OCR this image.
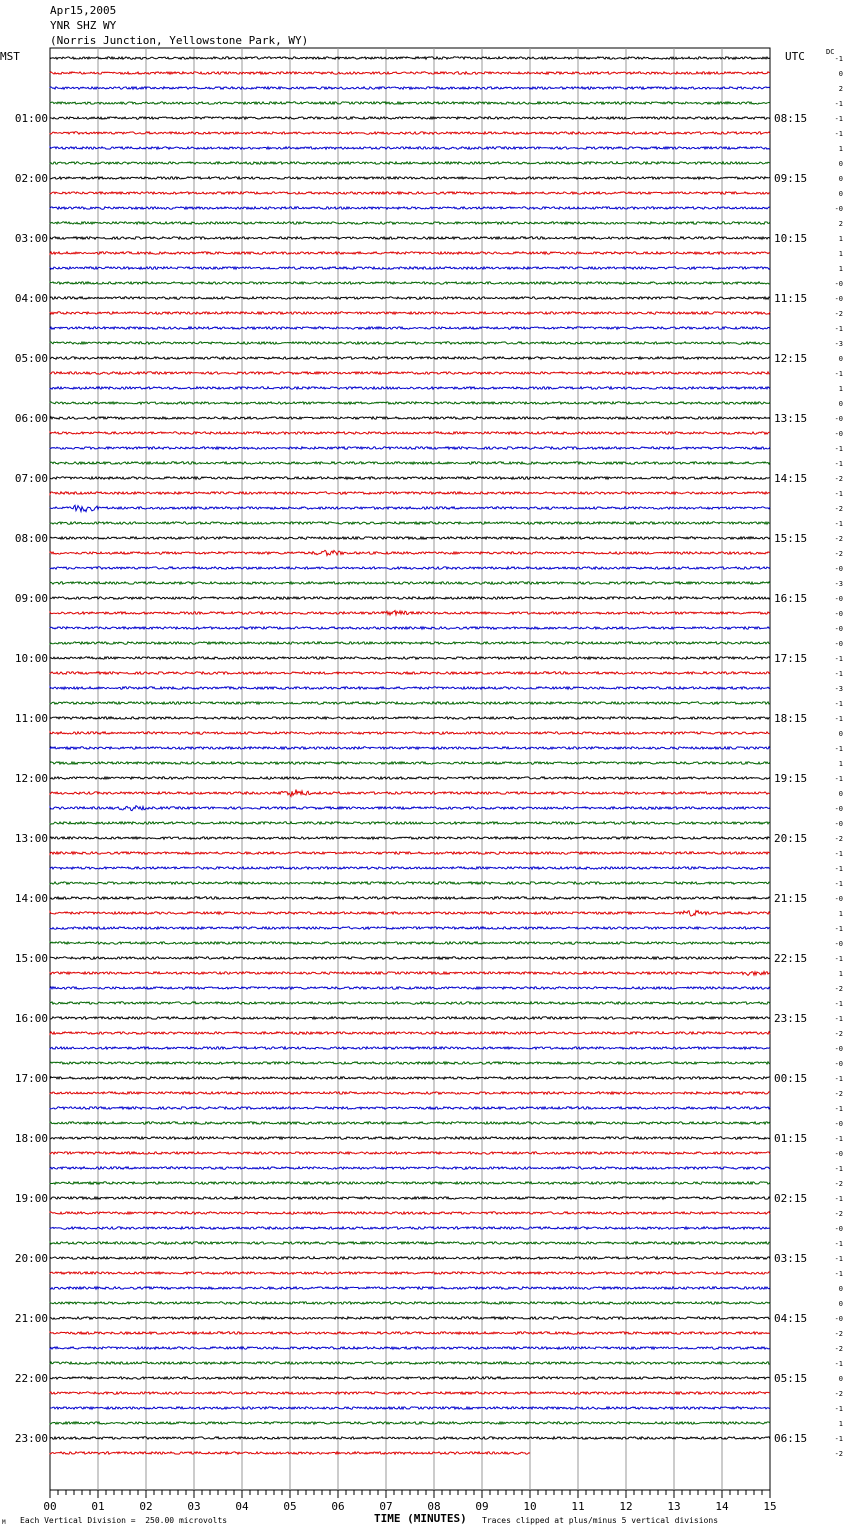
Apr15,2005
YNR SHZ WY
(Norris Junction, Yellowstone Park, WY)
MST	UTC	DC
-1
0
2
-1
-1
-1
1
0
0
0
-0
2
1
1
1
-0
-0
-2
-1
-3
0
-1
1
0
-0
-0
-1
-1
-2
-1
-2
-1
-2
-2
-0
-3
-0
-0
-0
-0
-1
-1
-3
-1
-1
0
-1
1
-1
0
-0
-0
-2
-1
-1
-1
-0
1
-1
-0
-1
1
-2
-1
-1
-2
-0
-0
-1
-2
-1
-0
-1
-0
-1
-2
-1
-2
-0
-1
-1
-1
0
0
-0
-2
-2
-1
0
-2
-1
1
-1
-2
01:00
02:00
03:00
04:00
05:00
06:00
07:00
08:00
09:00
10:00
11:00
12:00
13:00
14:00
15:00
16:00
17:00
18:00
19:00
20:00
21:00
22:00
23:00
08:15
09:15
10:15
11:15
12:15
13:15
14:15
15:15
16:15
17:15
18:15
19:15
20:15
21:15
22:15
23:15
00:15
01:15
02:15
03:15
04:15
05:15
06:15
00	01	02	03	04	05	06	07	08	09	10	11	12	13	14	15
M Each Vertical Division =  250.00 microvolts	TIME (MINUTES) Traces clipped at plus/minus 5 vertical divisions
